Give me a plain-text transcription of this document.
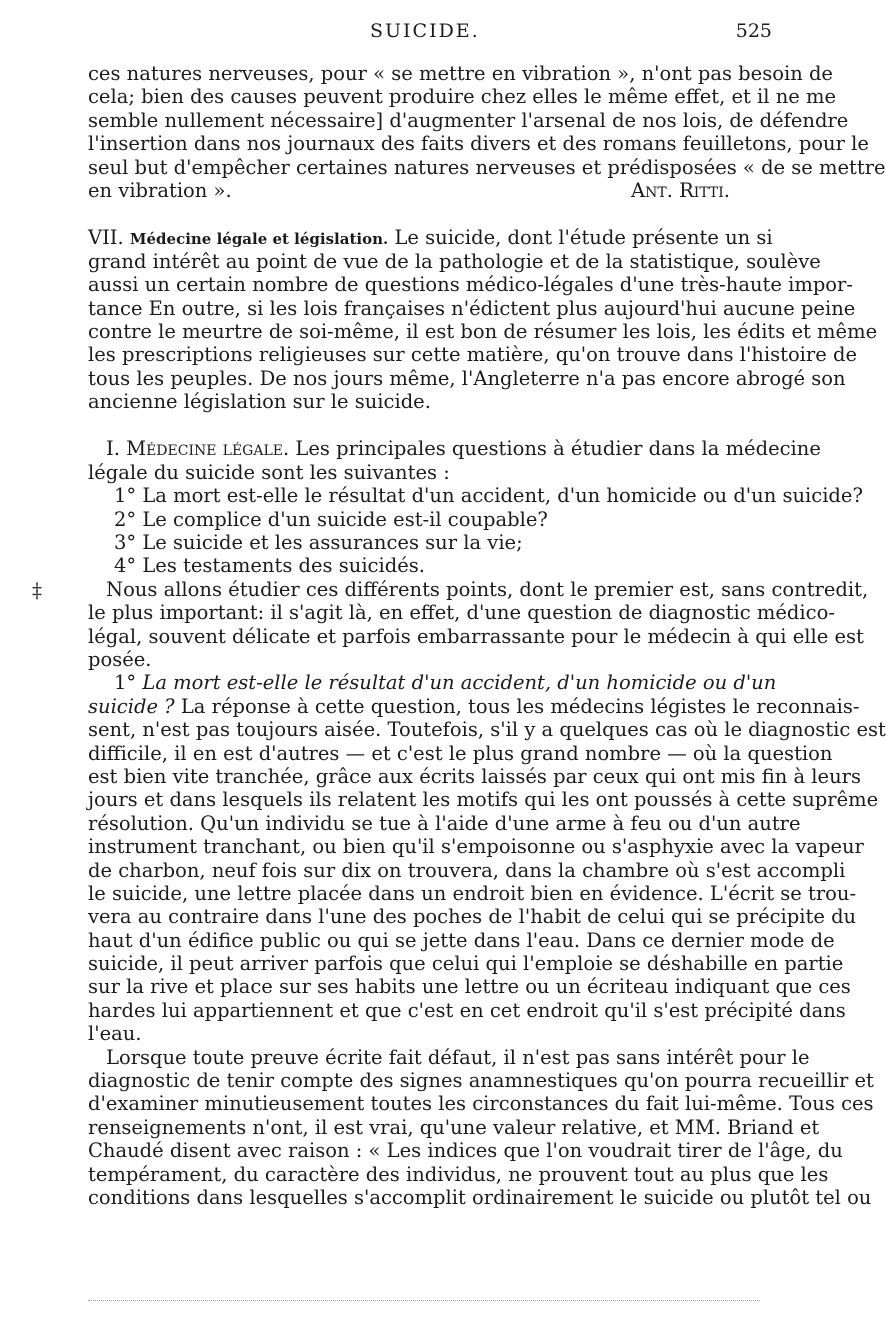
SUICIDE.	525
‡
ces natures nerveuses, pour « se mettre en vibration », n'ont pas besoin de
cela; bien des causes peuvent produire chez elles le même effet, et il ne me
semble nullement nécessaire] d'augmenter l'arsenal de nos lois, de défendre
l'insertion dans nos journaux des faits divers et des romans feuilletons, pour le
seul but d'empêcher certaines natures nerveuses et prédisposées « de se mettre
en vibration ».	Ant. Ritti.
VII. Médecine légale et législation. Le suicide, dont l'étude présente un si
grand intérêt au point de vue de la pathologie et de la statistique, soulève
aussi un certain nombre de questions médico-légales d'une très-haute impor-
tance En outre, si les lois françaises n'édictent plus aujourd'hui aucune peine
contre le meurtre de soi-même, il est bon de résumer les lois, les édits et même
les prescriptions religieuses sur cette matière, qu'on trouve dans l'histoire de
tous les peuples. De nos jours même, l'Angleterre n'a pas encore abrogé son
ancienne législation sur le suicide.
I. Médecine légale. Les principales questions à étudier dans la médecine
légale du suicide sont les suivantes :
1° La mort est-elle le résultat d'un accident, d'un homicide ou d'un suicide?
2° Le complice d'un suicide est-il coupable?
3° Le suicide et les assurances sur la vie;
4° Les testaments des suicidés.
Nous allons étudier ces différents points, dont le premier est, sans contredit,
le plus important: il s'agit là, en effet, d'une question de diagnostic médico-
légal, souvent délicate et parfois embarrassante pour le médecin à qui elle est
posée.
1° La mort est-elle le résultat d'un accident, d'un homicide ou d'un
suicide ? La réponse à cette question, tous les médecins légistes le reconnais-
sent, n'est pas toujours aisée. Toutefois, s'il y a quelques cas où le diagnostic est
difficile, il en est d'autres — et c'est le plus grand nombre — où la question
est bien vite tranchée, grâce aux écrits laissés par ceux qui ont mis fin à leurs
jours et dans lesquels ils relatent les motifs qui les ont poussés à cette suprême
résolution. Qu'un individu se tue à l'aide d'une arme à feu ou d'un autre
instrument tranchant, ou bien qu'il s'empoisonne ou s'asphyxie avec la vapeur
de charbon, neuf fois sur dix on trouvera, dans la chambre où s'est accompli
le suicide, une lettre placée dans un endroit bien en évidence. L'écrit se trou-
vera au contraire dans l'une des poches de l'habit de celui qui se précipite du
haut d'un édifice public ou qui se jette dans l'eau. Dans ce dernier mode de
suicide, il peut arriver parfois que celui qui l'emploie se déshabille en partie
sur la rive et place sur ses habits une lettre ou un écriteau indiquant que ces
hardes lui appartiennent et que c'est en cet endroit qu'il s'est précipité dans
l'eau.
Lorsque toute preuve écrite fait défaut, il n'est pas sans intérêt pour le
diagnostic de tenir compte des signes anamnestiques qu'on pourra recueillir et
d'examiner minutieusement toutes les circonstances du fait lui-même. Tous ces
renseignements n'ont, il est vrai, qu'une valeur relative, et MM. Briand et
Chaudé disent avec raison : « Les indices que l'on voudrait tirer de l'âge, du
tempérament, du caractère des individus, ne prouvent tout au plus que les
conditions dans lesquelles s'accomplit ordinairement le suicide ou plutôt tel ou
